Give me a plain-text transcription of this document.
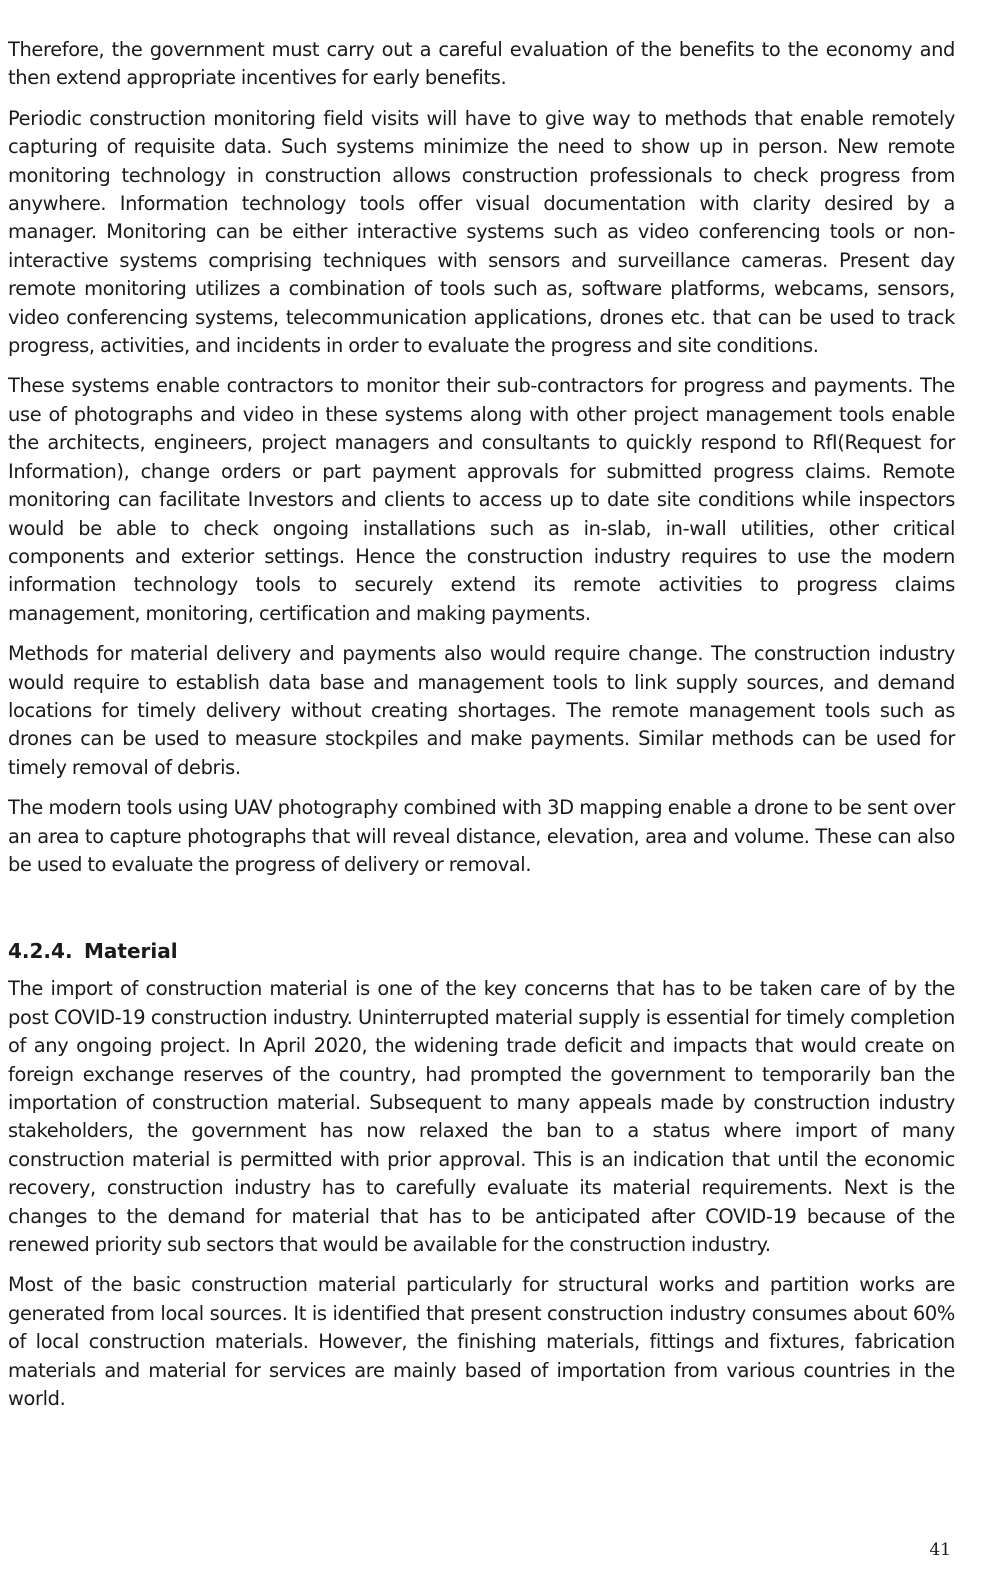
Therefore, the government must carry out a careful evaluation of the benefits to the economy and then extend appropriate incentives for early benefits.

Periodic construction monitoring field visits will have to give way to methods that enable remotely capturing of requisite data. Such systems minimize the need to show up in person. New remote monitoring technology in construction allows construction professionals to check progress from anywhere. Information technology tools offer visual documentation with clarity desired by a manager. Monitoring can be either interactive systems such as video conferencing tools or non-interactive systems comprising techniques with sensors and surveillance cameras. Present day remote monitoring utilizes a combination of tools such as, software platforms, webcams, sensors, video conferencing systems, telecommunication applications, drones etc. that can be used to track progress, activities, and incidents in order to evaluate the progress and site conditions.

These systems enable contractors to monitor their sub-contractors for progress and payments. The use of photographs and video in these systems along with other project management tools enable the architects, engineers, project managers and consultants to quickly respond to RfI(Request for Information), change orders or part payment approvals for submitted progress claims. Remote monitoring can facilitate Investors and clients to access up to date site conditions while inspectors would be able to check ongoing installations such as in-slab, in-wall utilities, other critical components and exterior settings. Hence the construction industry requires to use the modern information technology tools to securely extend its remote activities to progress claims management, monitoring, certification and making payments.

Methods for material delivery and payments also would require change. The construction industry would require to establish data base and management tools to link supply sources, and demand locations for timely delivery without creating shortages. The remote management tools such as drones can be used to measure stockpiles and make payments. Similar methods can be used for timely removal of debris.

The modern tools using UAV photography combined with 3D mapping enable a drone to be sent over an area to capture photographs that will reveal distance, elevation, area and volume. These can also be used to evaluate the progress of delivery or removal.

4.2.4. Material

The import of construction material is one of the key concerns that has to be taken care of by the post COVID-19 construction industry. Uninterrupted material supply is essential for timely completion of any ongoing project. In April 2020, the widening trade deficit and impacts that would create on foreign exchange reserves of the country, had prompted the government to temporarily ban the importation of construction material. Subsequent to many appeals made by construction industry stakeholders, the government has now relaxed the ban to a status where import of many construction material is permitted with prior approval. This is an indication that until the economic recovery, construction industry has to carefully evaluate its material requirements. Next is the changes to the demand for material that has to be anticipated after COVID-19 because of the renewed priority sub sectors that would be available for the construction industry.

Most of the basic construction material particularly for structural works and partition works are generated from local sources. It is identified that present construction industry consumes about 60% of local construction materials. However, the finishing materials, fittings and fixtures, fabrication materials and material for services are mainly based of importation from various countries in the world.

41
